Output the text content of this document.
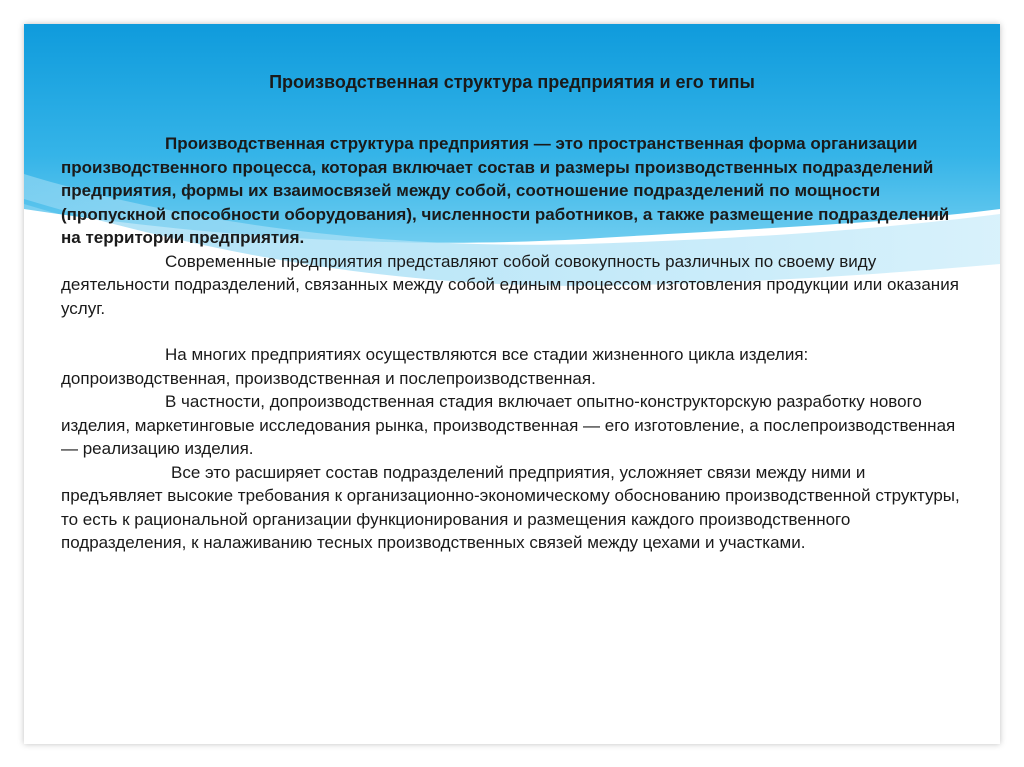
Производственная структура предприятия и его типы

Производственная структура предприятия — это пространственная форма организации производственного процесса, которая включает состав и размеры производственных подразделений предприятия, формы их взаимосвязей между собой, соотношение подразделений по мощности (пропускной способности оборудования), численности работников, а также размещение подразделений на территории предприятия.

Современные предприятия представляют собой совокупность различных по своему виду деятельности подразделений, связанных между собой единым процессом изготовления продукции или оказания услуг.

На многих предприятиях осуществляются все стадии жизненного цикла изделия: допроизводственная, производственная и послепроизводственная.

В частности, допроизводственная стадия включает опытно-конструкторскую разработку нового изделия, маркетинговые исследования рынка, производственная — его изготовление, а послепроизводственная — реализацию изделия.

Все это расширяет состав подразделений предприятия, усложняет связи между ними и предъявляет высокие требования к организационно-экономическому обоснованию производственной структуры, то есть к рациональной организации функционирования и размещения каждого производственного подразделения, к налаживанию тесных производственных связей между цехами и участками.
